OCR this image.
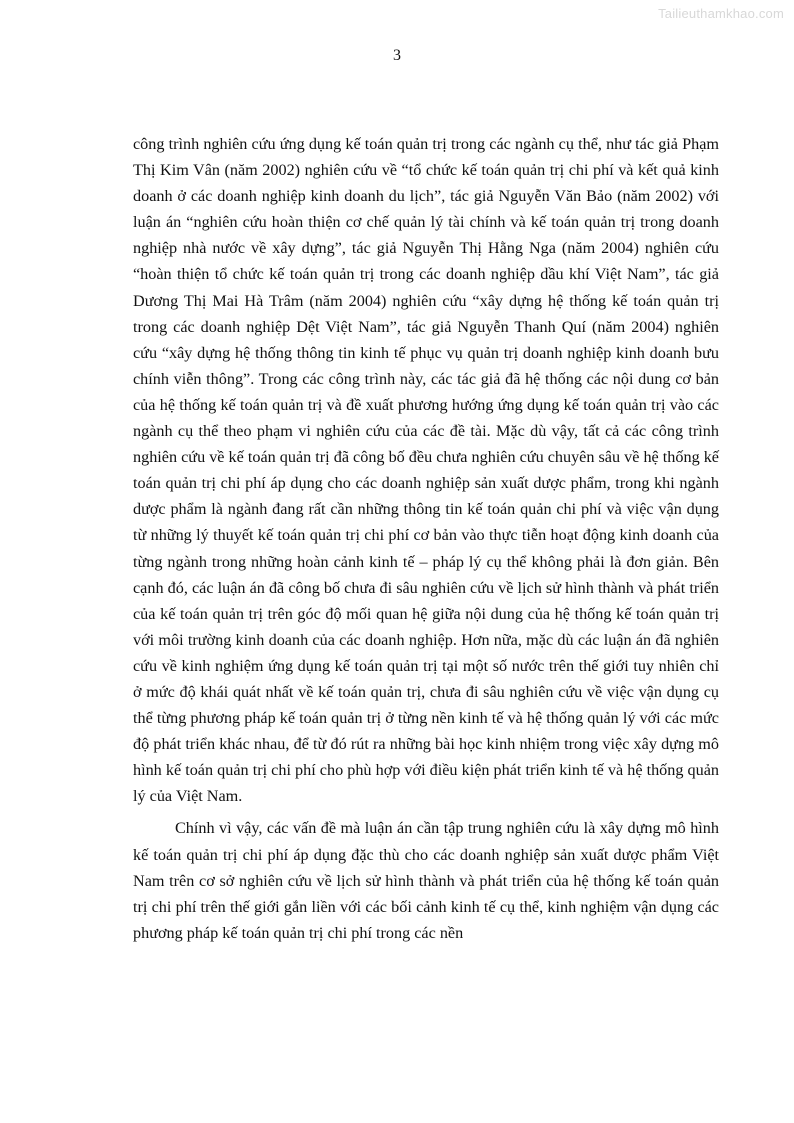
Tailieuthamkhao.com
3

công trình nghiên cứu ứng dụng kế toán quản trị trong các ngành cụ thể, như tác giả Phạm Thị Kim Vân (năm 2002) nghiên cứu về “tổ chức kế toán quản trị chi phí và kết quả kinh doanh ở các doanh nghiệp kinh doanh du lịch”, tác giả Nguyễn Văn Bảo (năm 2002) với luận án “nghiên cứu hoàn thiện cơ chế quản lý tài chính và kế toán quản trị trong doanh nghiệp nhà nước về xây dựng”, tác giả Nguyễn Thị Hằng Nga (năm 2004) nghiên cứu “hoàn thiện tổ chức kế toán quản trị trong các doanh nghiệp dầu khí Việt Nam”, tác giả Dương Thị Mai Hà Trâm (năm 2004) nghiên cứu “xây dựng hệ thống kế toán quản trị trong các doanh nghiệp Dệt Việt Nam”, tác giả Nguyễn Thanh Quí (năm 2004) nghiên cứu “xây dựng hệ thống thông tin kinh tế phục vụ quản trị doanh nghiệp kinh doanh bưu chính viễn thông”. Trong các công trình này, các tác giả đã hệ thống các nội dung cơ bản của hệ thống kế toán quản trị và đề xuất phương hướng ứng dụng kế toán quản trị vào các ngành cụ thể theo phạm vi nghiên cứu của các đề tài. Mặc dù vậy, tất cả các công trình nghiên cứu về kế toán quản trị đã công bố đều chưa nghiên cứu chuyên sâu về hệ thống kế toán quản trị chi phí áp dụng cho các doanh nghiệp sản xuất dược phẩm, trong khi ngành dược phẩm là ngành đang rất cần những thông tin kế toán quản chi phí và việc vận dụng từ những lý thuyết kế toán quản trị chi phí cơ bản vào thực tiễn hoạt động kinh doanh của từng ngành trong những hoàn cảnh kinh tế – pháp lý cụ thể không phải là đơn giản. Bên cạnh đó, các luận án đã công bố chưa đi sâu nghiên cứu về lịch sử hình thành và phát triển của kế toán quản trị trên góc độ mối quan hệ giữa nội dung của hệ thống kế toán quản trị với môi trường kinh doanh của các doanh nghiệp. Hơn nữa, mặc dù các luận án đã nghiên cứu về kinh nghiệm ứng dụng kế toán quản trị tại một số nước trên thế giới tuy nhiên chỉ ở mức độ khái quát nhất về kế toán quản trị, chưa đi sâu nghiên cứu về việc vận dụng cụ thể từng phương pháp kế toán quản trị ở từng nền kinh tế và hệ thống quản lý với các mức độ phát triển khác nhau, để từ đó rút ra những bài học kinh nhiệm trong việc xây dựng mô hình kế toán quản trị chi phí cho phù hợp với điều kiện phát triển kinh tế và hệ thống quản lý của Việt Nam.

Chính vì vậy, các vấn đề mà luận án cần tập trung nghiên cứu là xây dựng mô hình kế toán quản trị chi phí áp dụng đặc thù cho các doanh nghiệp sản xuất dược phẩm Việt Nam trên cơ sở nghiên cứu về lịch sử hình thành và phát triển của hệ thống kế toán quản trị chi phí trên thế giới gắn liền với các bối cảnh kinh tế cụ thể, kinh nghiệm vận dụng các phương pháp kế toán quản trị chi phí trong các nền
